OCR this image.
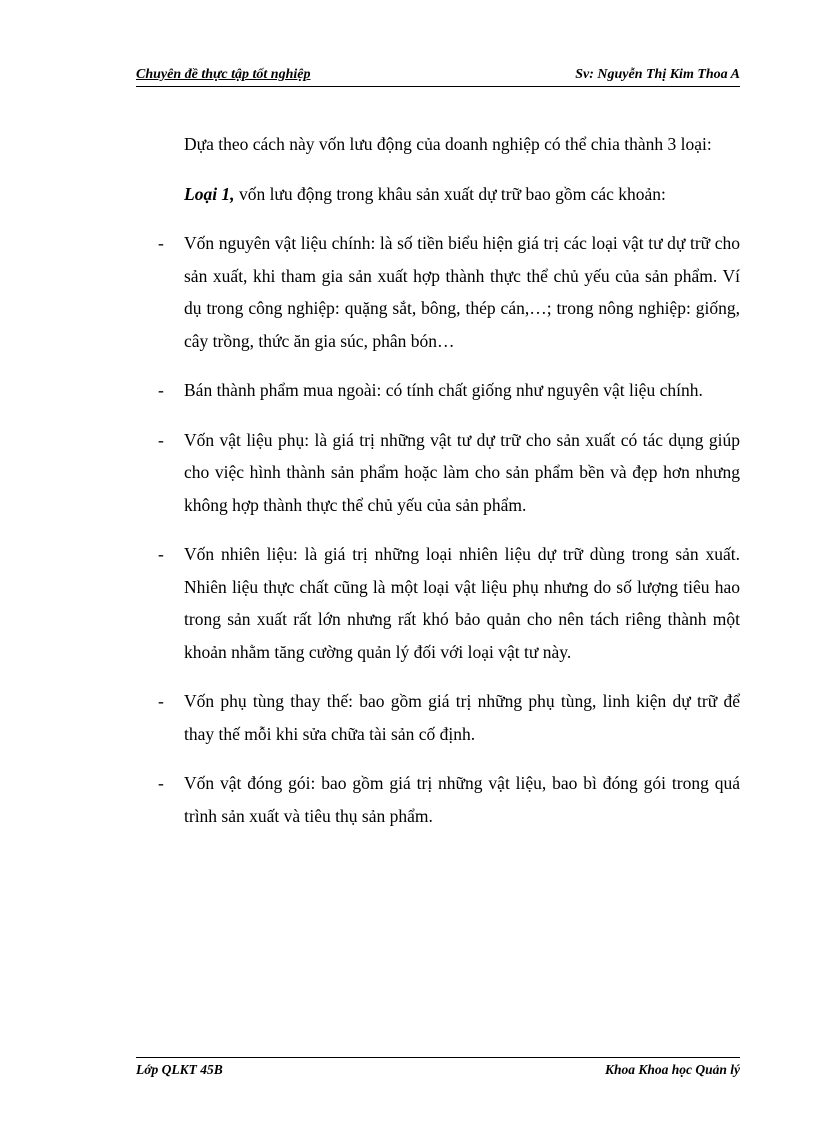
Chuyên đề thực tập tốt nghiệp	Sv: Nguyễn Thị Kim Thoa A

Dựa theo cách này vốn lưu động của doanh nghiệp có thể chia thành 3 loại:

Loại 1, vốn lưu động trong khâu sản xuất dự trữ bao gồm các khoản:

- Vốn nguyên vật liệu chính: là số tiền biểu hiện giá trị các loại vật tư dự trữ cho sản xuất, khi tham gia sản xuất hợp thành thực thể chủ yếu của sản phẩm. Ví dụ trong công nghiệp: quặng sắt, bông, thép cán,…; trong nông nghiệp: giống, cây trồng, thức ăn gia súc, phân bón…
- Bán thành phẩm mua ngoài: có tính chất giống như nguyên vật liệu chính.
- Vốn vật liệu phụ: là giá trị những vật tư dự trữ cho sản xuất có tác dụng giúp cho việc hình thành sản phẩm hoặc làm cho sản phẩm bền và đẹp hơn nhưng không hợp thành thực thể chủ yếu của sản phẩm.
- Vốn nhiên liệu: là giá trị những loại nhiên liệu dự trữ dùng trong sản xuất. Nhiên liệu thực chất cũng là một loại vật liệu phụ nhưng do số lượng tiêu hao trong sản xuất rất lớn nhưng rất khó bảo quản cho nên tách riêng thành một khoản nhằm tăng cường quản lý đối với loại vật tư này.
- Vốn phụ tùng thay thế: bao gồm giá trị những phụ tùng, linh kiện dự trữ để thay thế mỗi khi sửa chữa tài sản cố định.
- Vốn vật đóng gói: bao gồm giá trị những vật liệu, bao bì đóng gói trong quá trình sản xuất và tiêu thụ sản phẩm.
Lớp QLKT 45B	Khoa Khoa học Quản lý
